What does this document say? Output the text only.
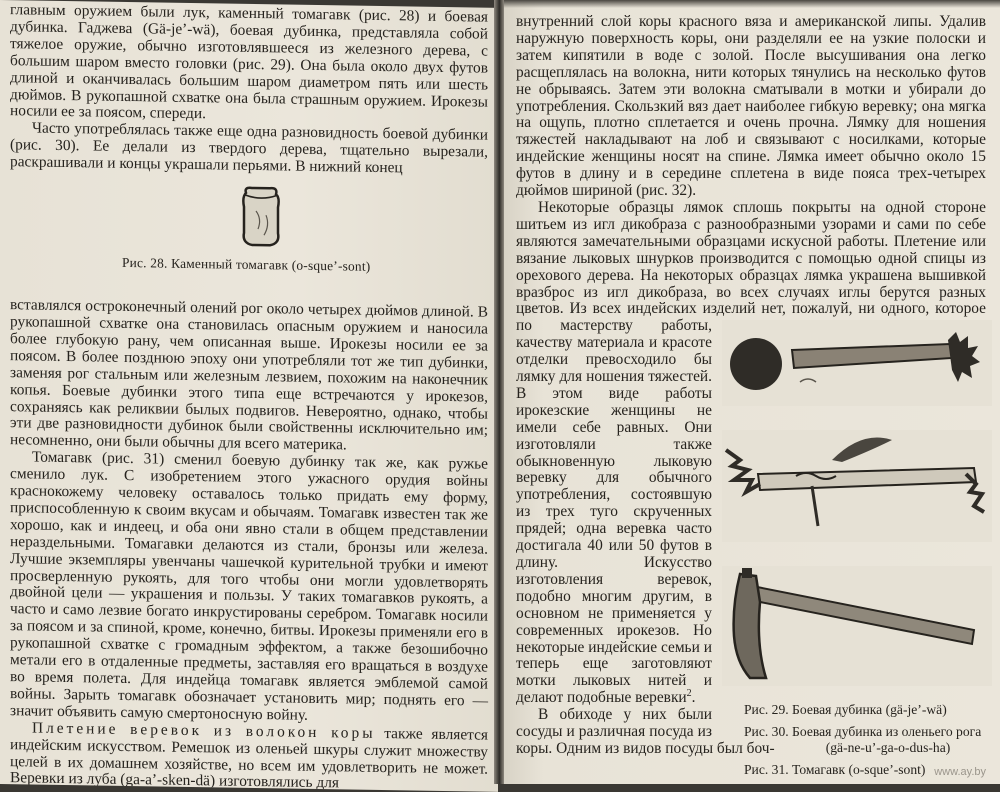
главным оружием были лук, каменный томагавк (рис. 28) и боевая дубинка. Гаджева (Gä-je’-wä), боевая дубинка, представляла собой тяжелое оружие, обычно изготовлявшееся из железного дерева, с большим шаром вместо головки (рис. 29). Она была около двух футов длиной и оканчивалась большим шаром диаметром пять или шесть дюймов. В рукопашной схватке она была страшным оружием. Ирокезы носили ее за поясом, спереди.

Часто употреблялась также еще одна разновидность боевой дубинки (рис. 30). Ее делали из твердого дерева, тщательно вырезали, раскрашивали и концы украшали перьями. В нижний конец

Рис. 28. Каменный томагавк (o-sque’-sont)

вставлялся остроконечный олений рог около четырех дюймов длиной. В рукопашной схватке она становилась опасным оружием и наносила более глубокую рану, чем описанная выше. Ирокезы носили ее за поясом. В более позднюю эпоху они употребляли тот же тип дубинки, заменяя рог стальным или железным лезвием, похожим на наконечник копья. Боевые дубинки этого типа еще встречаются у ирокезов, сохраняясь как реликвии былых подвигов. Невероятно, однако, чтобы эти две разновидности дубинок были свойственны исключительно им; несомненно, они были обычны для всего материка.

Томагавк (рис. 31) сменил боевую дубинку так же, как ружье сменило лук. С изобретением этого ужасного орудия войны краснокожему человеку оставалось только придать ему форму, приспособленную к своим вкусам и обычаям. Томагавк известен так же хорошо, как и индеец, и оба они явно стали в общем представлении нераздельными. Томагавки делаются из стали, бронзы или железа. Лучшие экземпляры увенчаны чашечкой курительной трубки и имеют просверленную рукоять, для того чтобы они могли удовлетворять двойной цели — украшения и пользы. У таких томагавков рукоять, а часто и само лезвие богато инкрустированы серебром. Томагавк носили за поясом и за спиной, кроме, конечно, битвы. Ирокезы применяли его в рукопашной схватке с громадным эффектом, а также безошибочно метали его в отдаленные предметы, заставляя его вращаться в воздухе во время полета. Для индейца томагавк является эмблемой самой войны. Зарыть томагавк обозначает установить мир; поднять его — значит объявить самую смертоносную войну.

Плетение веревок из волокон коры также является индейским искусством. Ремешок из оленьей шкуры служит множеству целей в их домашнем хозяйстве, но всем им удовлетворить не может. Веревки из луба (ga-a’-sken-dä) изготовлялись для

внутренний слой коры красного вяза и американской липы. Удалив наружную поверхность коры, они разделяли ее на узкие полоски и затем кипятили в воде с золой. После высушивания она легко расщеплялась на волокна, нити которых тянулись на несколько футов не обрываясь. Затем эти волокна сматывали в мотки и убирали до употребления. Скользкий вяз дает наиболее гибкую веревку; она мягка на ощупь, плотно сплетается и очень прочна. Лямку для ношения тяжестей накладывают на лоб и связывают с носилками, которые индейские женщины носят на спине. Лямка имеет обычно около 15 футов в длину и в середине сплетена в виде пояса трех-четырех дюймов шириной (рис. 32).

Некоторые образцы лямок сплошь покрыты на одной стороне шитьем из игл дикобраза с разнообразными узорами и сами по себе являются замечательными образцами искусной работы. Плетение или вязание лыковых шнурков производится с помощью одной спицы из орехового дерева. На некоторых образцах лямка украшена вышивкой вразброс из игл дикобраза, во всех случаях иглы берутся разных цветов. Из всех индейских изделий нет, пожалуй, ни одного, которое

Рис. 29. Боевая дубинка (gä-je’-wä)

Рис. 30. Боевая дубинка из оленьего рога
(gä-ne-u’-ga-o-dus-ha)

Рис. 31. Томагавк (o-sque’-sont)

по мастерству работы, качеству материала и красоте отделки превосходило бы лямку для ношения тяжестей. В этом виде работы ирокезские женщины не имели себе равных. Они изготовляли также обыкновенную лыковую веревку для обычного употребления, состоявшую из трех туго скрученных прядей; одна веревка часто достигала 40 или 50 футов в длину. Искусство изготовления веревок, подобно многим другим, в основном не применяется у современных ирокезов. Но некоторые индейские семьи и теперь еще заготовляют мотки лыковых нитей и делают подобные веревки$^2$.

В обиходе у них были сосуды и различная посуда из коры. Одним из видов посуды был боч-

www.ay.by
